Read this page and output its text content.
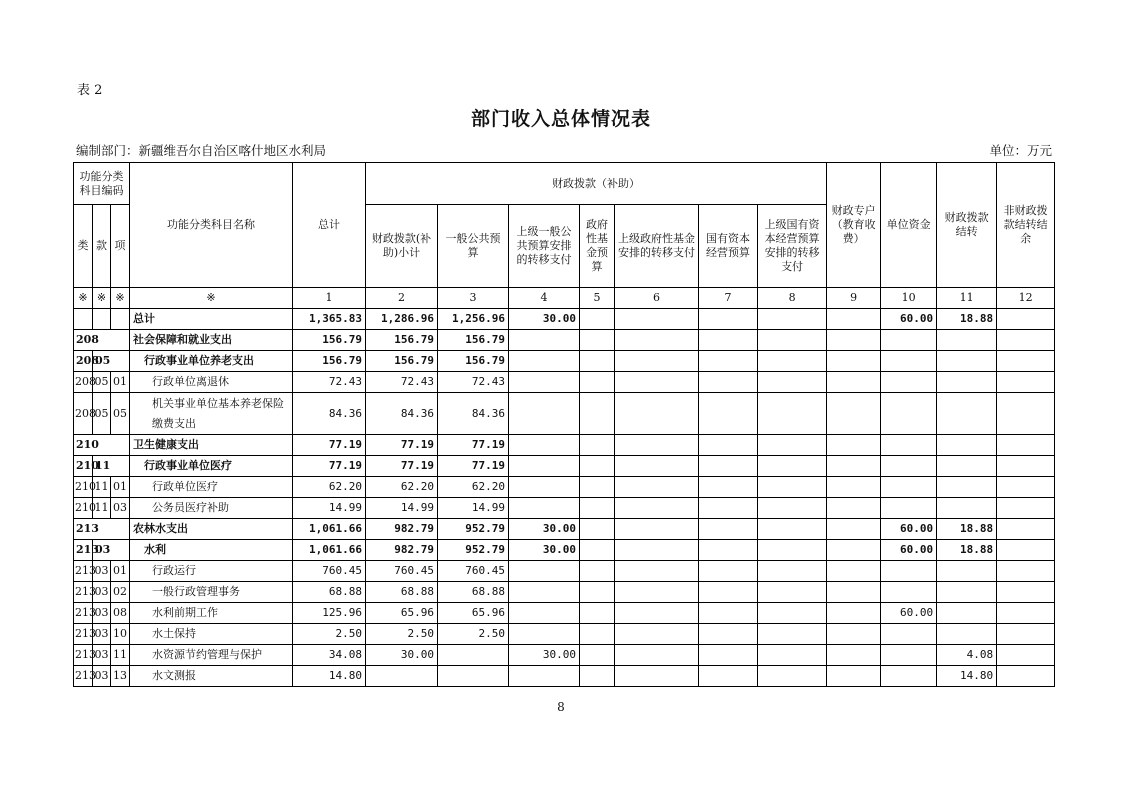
表 2
部门收入总体情况表
编制部门：新疆维吾尔自治区喀什地区水利局	单位：万元
功能分类科目编码			功能分类科目名称	总计	财政拨款（补助）							财政专户（教育收费）	单位资金	财政拨款结转	非财政拨款结转结余
类	款	项			财政拨款(补助)小计	一般公共预算	上级一般公共预算安排的转移支付	政府性基金预算	上级政府性基金安排的转移支付	国有资本经营预算	上级国有资本经营预算安排的转移支付				
※	※	※	※	1	2	3	4	5	6	7	8	9	10	11	12
			总计	1,365.83	1,286.96	1,256.96	30.00						60.00	18.88	
208			社会保障和就业支出	156.79	156.79	156.79									
208	05		行政事业单位养老支出	156.79	156.79	156.79									
208	05	01	行政单位离退休	72.43	72.43	72.43									
208	05	05	机关事业单位基本养老保险缴费支出	84.36	84.36	84.36									
210			卫生健康支出	77.19	77.19	77.19									
210	11		行政事业单位医疗	77.19	77.19	77.19									
210	11	01	行政单位医疗	62.20	62.20	62.20									
210	11	03	公务员医疗补助	14.99	14.99	14.99									
213			农林水支出	1,061.66	982.79	952.79	30.00						60.00	18.88	
213	03		水利	1,061.66	982.79	952.79	30.00						60.00	18.88	
213	03	01	行政运行	760.45	760.45	760.45									
213	03	02	一般行政管理事务	68.88	68.88	68.88									
213	03	08	水利前期工作	125.96	65.96	65.96							60.00		
213	03	10	水土保持	2.50	2.50	2.50									
213	03	11	水资源节约管理与保护	34.08	30.00		30.00							4.08	
213	03	13	水文测报	14.80										14.80	
8
